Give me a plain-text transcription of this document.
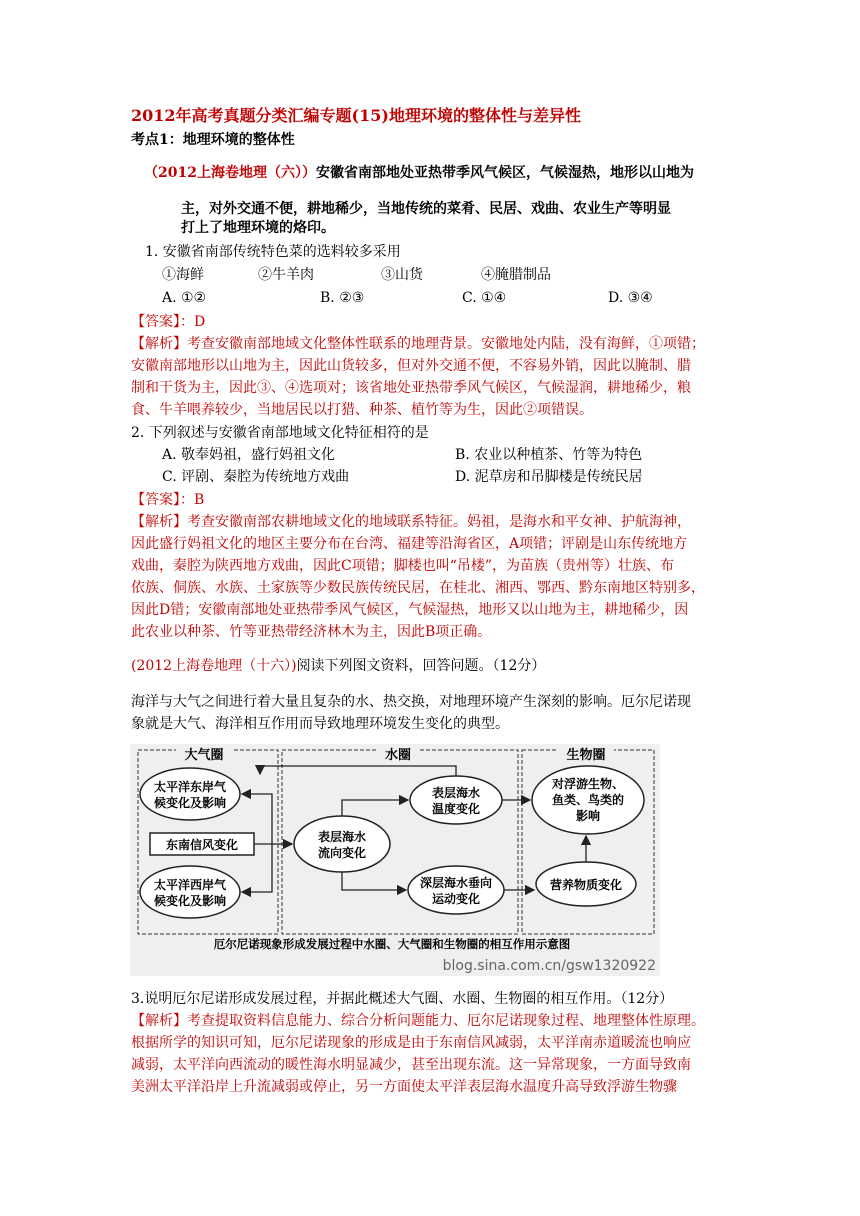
2012年高考真题分类汇编专题(15)地理环境的整体性与差异性
考点1：地理环境的整体性
（2012上海卷地理（六））安徽省南部地处亚热带季风气候区，气候湿热，地形以山地为
主，对外交通不便，耕地稀少，当地传统的菜肴、民居、戏曲、农业生产等明显
打上了地理环境的烙印。
1. 安徽省南部传统特色菜的选料较多采用
①海鲜	②牛羊肉	③山货	④腌腊制品
A. ①②	B. ②③	C. ①④	D. ③④
【答案】：D
【解析】考查安徽南部地域文化整体性联系的地理背景。安徽地处内陆，没有海鲜，①项错；
安徽南部地形以山地为主，因此山货较多，但对外交通不便，不容易外销，因此以腌制、腊
制和干货为主，因此③、④选项对；该省地处亚热带季风气候区，气候湿润，耕地稀少，粮
食、牛羊喂养较少，当地居民以打猎、种茶、植竹等为生，因此②项错误。
2. 下列叙述与安徽省南部地域文化特征相符的是
A. 敬奉妈祖，盛行妈祖文化	B. 农业以种植茶、竹等为特色
C. 评剧、秦腔为传统地方戏曲	D. 泥草房和吊脚楼是传统民居
【答案】：B
【解析】考查安徽南部农耕地域文化的地域联系特征。妈祖，是海水和平女神、护航海神，
因此盛行妈祖文化的地区主要分布在台湾、福建等沿海省区，A项错；评剧是山东传统地方
戏曲，秦腔为陕西地方戏曲，因此C项错；脚楼也叫“吊楼”，为苗族（贵州等）壮族、布
依族、侗族、水族、土家族等少数民族传统民居，在桂北、湘西、鄂西、黔东南地区特别多，
因此D错；安徽南部地处亚热带季风气候区，气候湿热，地形又以山地为主，耕地稀少，因
此农业以种茶、竹等亚热带经济林木为主，因此B项正确。
(2012上海卷地理（十六）)阅读下列图文资料，回答问题。（12分）
海洋与大气之间进行着大量且复杂的水、热交换，对地理环境产生深刻的影响。厄尔尼诺现
象就是大气、海洋相互作用而导致地理环境发生变化的典型。
大气圈	水圈	生物圈
太平洋东岸气
候变化及影响
东南信风变化
太平洋西岸气
候变化及影响
表层海水
流向变化
表层海水
温度变化
深层海水垂向
运动变化
对浮游生物、
鱼类、鸟类的
影响
营养物质变化
厄尔尼诺现象形成发展过程中水圈、大气圈和生物圈的相互作用示意图
blog.sina.com.cn/gsw1320922
3.说明厄尔尼诺形成发展过程，并据此概述大气圈、水圈、生物圈的相互作用。（12分）
【解析】考查提取资料信息能力、综合分析问题能力、厄尔尼诺现象过程、地理整体性原理。
根据所学的知识可知，厄尔尼诺现象的形成是由于东南信风减弱，太平洋南赤道暖流也响应
减弱，太平洋向西流动的暖性海水明显减少，甚至出现东流。这一异常现象，一方面导致南
美洲太平洋沿岸上升流减弱或停止，另一方面使太平洋表层海水温度升高导致浮游生物骤
